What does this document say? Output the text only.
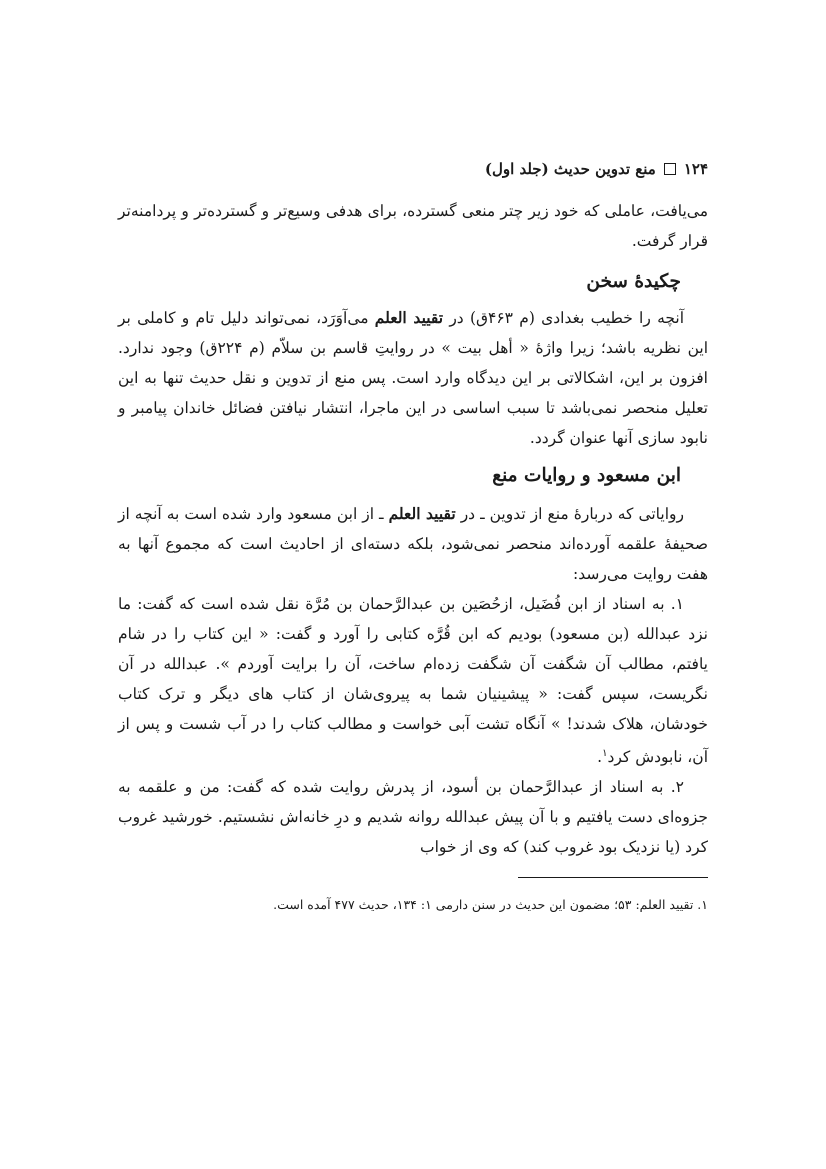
۱۲۴
منع تدوین حدیث (جلد اول)

می‌یافت، عاملی که خود زیر چتر منعی گسترده، برای هدفی وسیع‌تر و گسترده‌تر و پردامنه‌تر قرار گرفت.

چکیدۀ سخن

آنچه را خطیب بغدادی (م ۴۶۳ق) در تقیید العلم می‌آوَرَد، نمی‌تواند دلیل تام و کاملی بر این نظریه باشد؛ زیرا واژۀ « أهل بیت » در روایتِ قاسم بن سلاّم (م ۲۲۴ق) وجود ندارد. افزون بر این، اشکالاتی بر این دیدگاه وارد است. پس منع از تدوین و نقل حدیث تنها به این تعلیل منحصر نمی‌باشد تا سبب اساسی در این ماجرا، انتشار نیافتن فضائل خاندان پیامبر و نابود سازی آنها عنوان گردد.

ابن مسعود و روایات منع

روایاتی که دربارۀ منع از تدوین ـ در تقیید العلم ـ از ابن مسعود وارد شده است به آنچه از صحیفۀ علقمه آورده‌اند منحصر نمی‌شود، بلکه دسته‌ای از احادیث است که مجموع آنها به هفت روایت می‌رسد:

۱. به اسناد از ابن فُضَیل، ازحُصَین بن عبدالرَّحمان بن مُرَّة نقل شده است که گفت: ما نزد عبدالله (بن مسعود) بودیم که ابن قُرَّه کتابی را آورد و گفت: « این کتاب را در شام یافتم، مطالب آن شگفت آن شگفت زده‌ام ساخت، آن را برایت آوردم ». عبدالله در آن نگریست، سپس گفت: « پیشینیان شما به پیروی‌شان از کتاب های دیگر و ترک کتاب خودشان، هلاک شدند! » آنگاه تشت آبی خواست و مطالب کتاب را در آب شست و پس از آن، نابودش کرد$^۱$.

۲. به اسناد از عبدالرَّحمان بن أسود، از پدرش روایت شده که گفت: من و علقمه به جزوه‌ای دست یافتیم و با آن پیش عبدالله روانه شدیم و درِ خانه‌اش نشستیم. خورشید غروب کرد (یا نزدیک بود غروب کند) که وی از خواب

۱. تقیید العلم: ۵۳؛ مضمون این حدیث در سنن دارمی ۱: ۱۳۴، حدیث ۴۷۷ آمده است.
